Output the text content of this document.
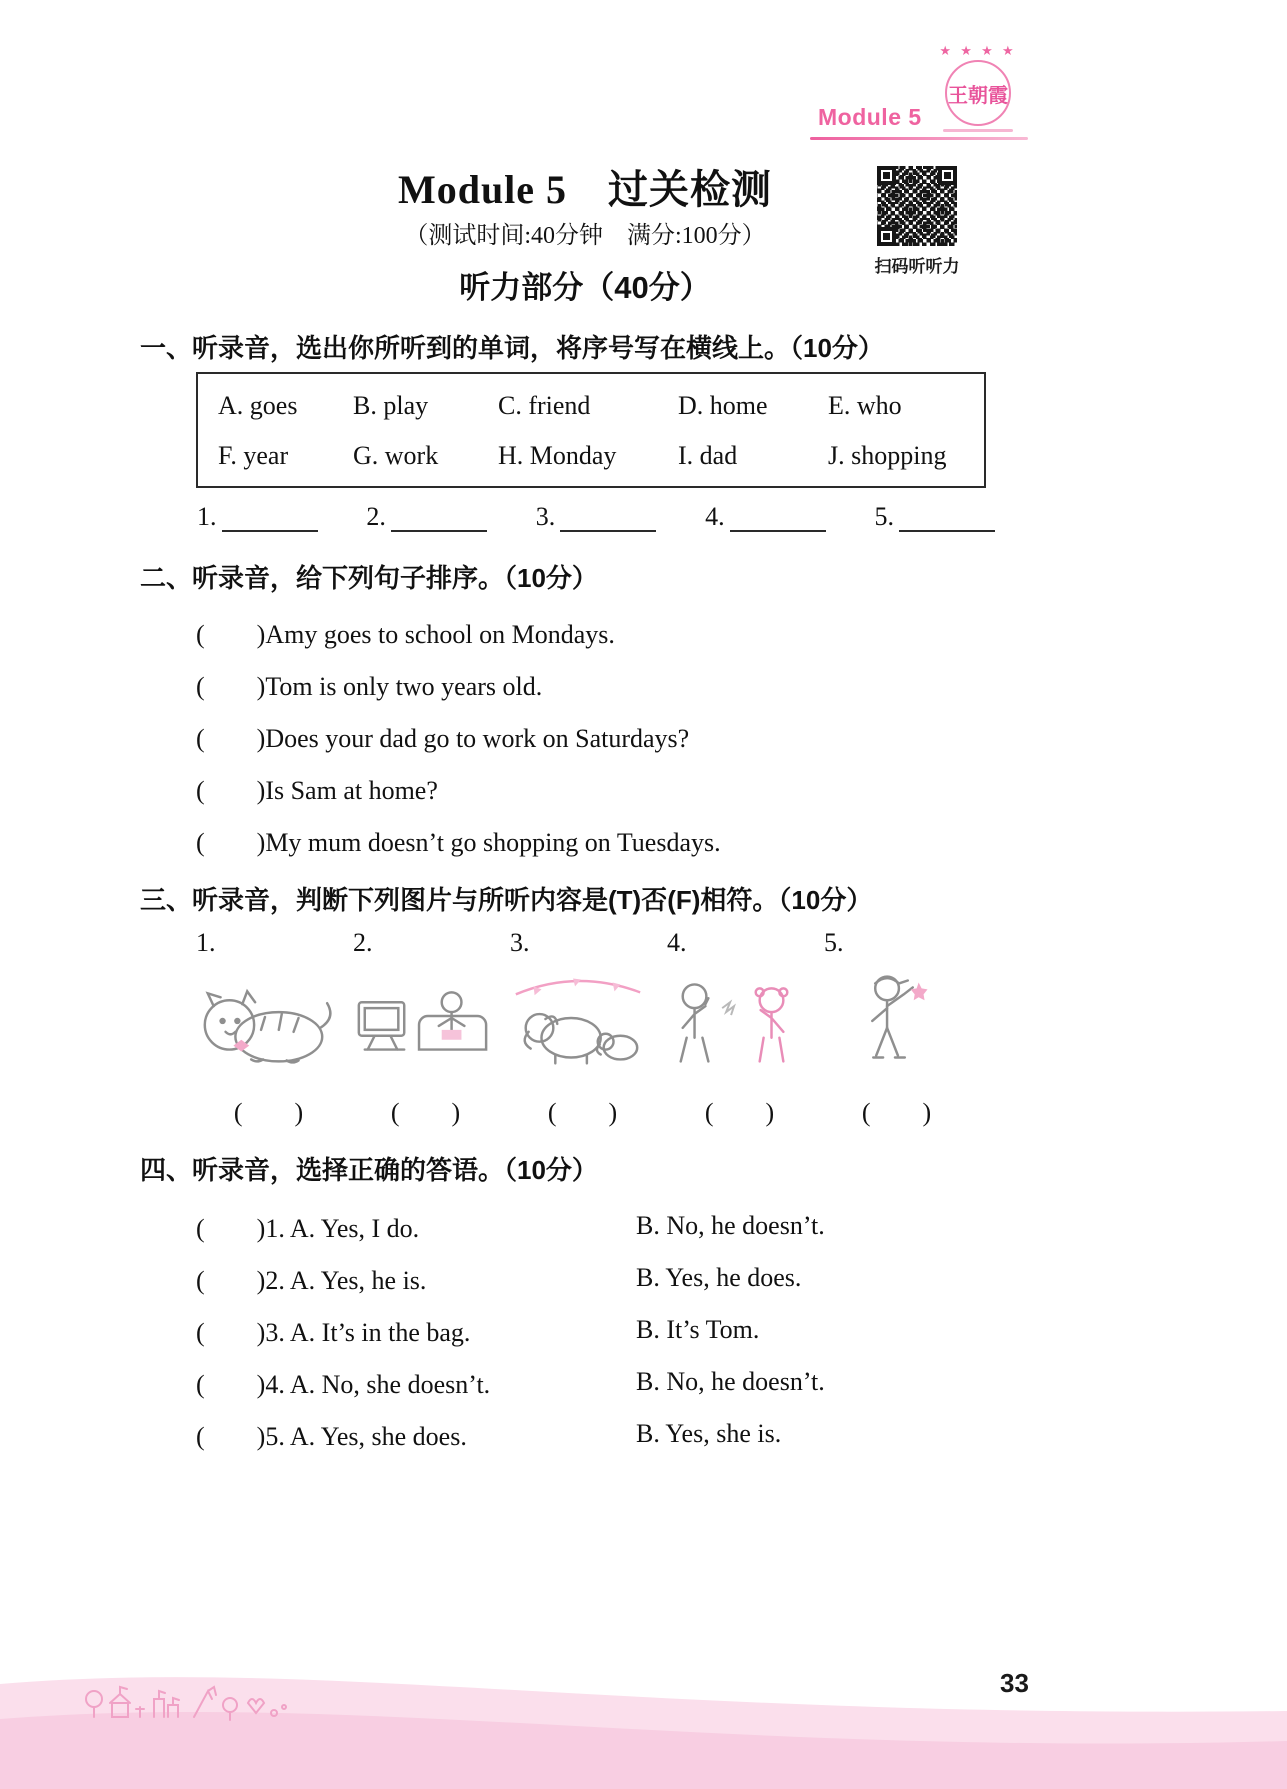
Module 5
★ ★ ★ ★
王朝霞
扫码听听力
Module 5　过关检测
（测试时间:40分钟　满分:100分）
听力部分（40分）
一、听录音，选出你所听到的单词，将序号写在横线上。（10分）
A. goes	B. play	C. friend	D. home	E. who
F. year	G. work	H. Monday	I. dad	J. shopping
1.	2.	3.	4.	5.
二、听录音，给下列句子排序。（10分）
(　　)Amy goes to school on Mondays.
(　　)Tom is only two years old.
(　　)Does your dad go to work on Saturdays?
(　　)Is Sam at home?
(　　)My mum doesn’t go shopping on Tuesdays.
三、听录音，判断下列图片与所听内容是(T)否(F)相符。（10分）
1.
(　　)
2.
(　　)
3.
(　　)
4.
(　　)
5.
(　　)
四、听录音，选择正确的答语。（10分）
(　　)1. A. Yes, I do.	B. No, he doesn’t.
(　　)2. A. Yes, he is.	B. Yes, he does.
(　　)3. A. It’s in the bag.	B. It’s Tom.
(　　)4. A. No, she doesn’t.	B. No, he doesn’t.
(　　)5. A. Yes, she does.	B. Yes, she is.
33
